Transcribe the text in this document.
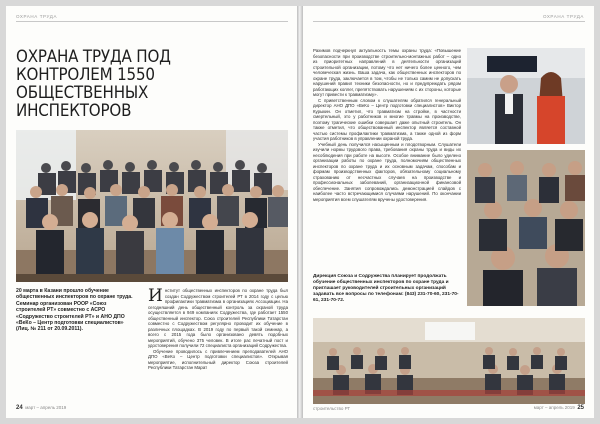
ОХРАНА ТРУДА
ОХРАНА ТРУДА ПОД КОНТРОЛЕМ 1550 ОБЩЕСТВЕННЫХ ИНСПЕКТОРОВ

20 марта в Казани прошло обучение общественных инспекторов по охране труда. Семинар организован РООР «Союз строителей РТ» совместно с АСРО «Содружество строителей РТ» и АНО ДПО «ВеКо – Центр подготовки специалистов» (Лиц. № 211 от 20.09.2011).

Институт общественных инспекторов по охране труда был создан Содружеством строителей РТ в 2014 году с целью профилактики травматизма в организациях Ассоциации. На сегодняшний день общественный контроль за охраной труда осуществляется в 949 компаниях Содружества, где работает 1550 общественный инспектор. Союз строителей Республики Татарстан совместно с Содружеством регулярно проводит их обучение в различных площадках. В 2019 году по первый такой семинар, а всего с 2015 года было организовано девять подобных мероприятий, обучено 375 человек. В итоге рас печатный пост и удостоверения получили 72 специалиста организаций Содружества.
Обучение проводилось с привлечением преподавателей АНО ДПО «ВеКо – Центр подготовки специалистов». Открывая мероприятие, исполнительный директор Союза строителей Республики Татарстан Марат
24 март – апрель 2019
ОХРАНА ТРУДА
Рахимов подчеркнул актуальность темы охраны труда: «Повышение безопасности при производстве строительно-монтажных работ – одно из приоритетных направлений в деятельности организаций строительной организации, потому что нет ничего более ценного, чем человеческая жизнь. Ваша задача, как общественных инспекторов по охране труда, заключается в том, чтобы не только самим не допускать нарушений правил техники безопасности, но и предупреждать рядом работающих коллег, препятствовать нарушениям с их стороны, которые могут привести к травматизму».
С приветственным словом к слушателям обратился генеральный директор АНО ДПО «ВеКо – Центр подготовки специалистов» Виктор Курыкин. Он отметил, что травматизм на стройке, в частности смертельный, это у работников и многие травмы на производстве, поэтому трагические ошибки совершает даже опытный строитель. Он также отметил, что обществованный инспектор является составной частью системы профилактики травматизма, а также одной из форм участия работников в управлении охраной труда.
Учебный день получился насыщенным и плодотворным. Слушатели изучили нормы трудового права, требования охраны труда и виды их несоблюдения при работе на высоте. Особое внимание было уделено организации работы по охране труда, полномочиям общественных инспекторов по охране труда и их основным задачам, способам и формам производственных факторов, обязательному социальному страхованию от несчастных случаев на производстве и профессиональных заболеваний, организационной финансовой обеспечение. Занятия сопровождались демонстрацией слайдов с наиболее часто встречающимися случаями нарушений. По окончании мероприятия всем слушателям вручены удостоверения.

Дирекция Союза и Содружества планирует продолжать обучение общественных инспекторов по охране труда и приглашает руководителей строительных организаций задавать все вопросы по телефонам: (843) 231-70-60, 231-70-61, 231-70-72.

строительство РТ	март – апрель 2019 25
